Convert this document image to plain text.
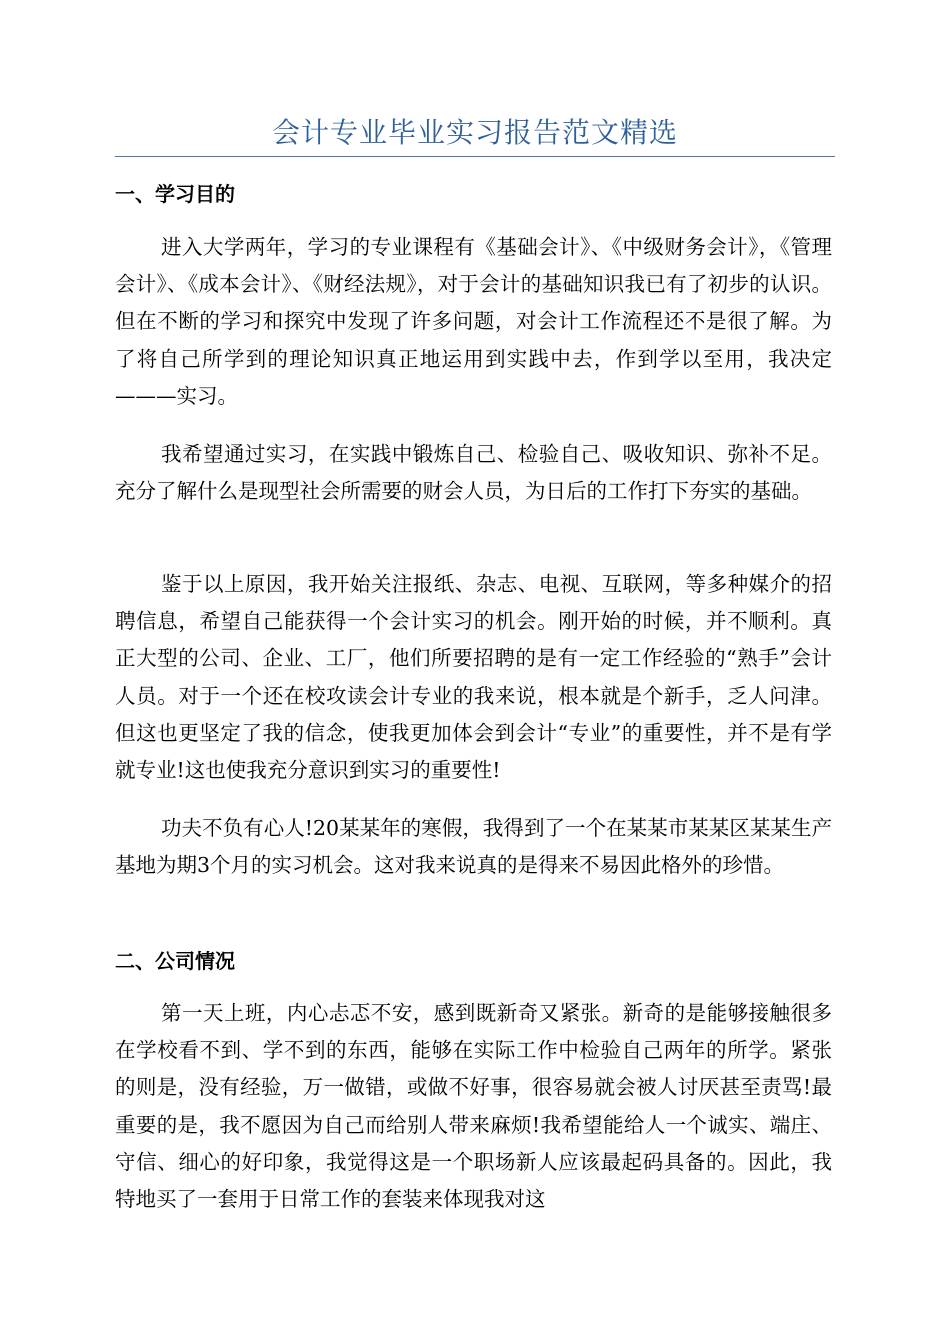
会计专业毕业实习报告范文精选
一、学习目的

进入大学两年，学习的专业课程有《基础会计》、《中级财务会计》，《管理会计》、《成本会计》、《财经法规》，对于会计的基础知识我已有了初步的认识。但在不断的学习和探究中发现了许多问题，对会计工作流程还不是很了解。为了将自己所学到的理论知识真正地运用到实践中去，作到学以至用，我决定———实习。

我希望通过实习，在实践中锻炼自己、检验自己、吸收知识、弥补不足。充分了解什么是现型社会所需要的财会人员，为日后的工作打下夯实的基础。

鉴于以上原因，我开始关注报纸、杂志、电视、互联网，等多种媒介的招聘信息，希望自己能获得一个会计实习的机会。刚开始的时候，并不顺利。真正大型的公司、企业、工厂，他们所要招聘的是有一定工作经验的“熟手”会计人员。对于一个还在校攻读会计专业的我来说，根本就是个新手，乏人问津。但这也更坚定了我的信念，使我更加体会到会计“专业”的重要性，并不是有学就专业!这也使我充分意识到实习的重要性!

功夫不负有心人!20某某年的寒假，我得到了一个在某某市某某区某某生产基地为期3个月的实习机会。这对我来说真的是得来不易因此格外的珍惜。

二、公司情况

第一天上班，内心忐忑不安，感到既新奇又紧张。新奇的是能够接触很多在学校看不到、学不到的东西，能够在实际工作中检验自己两年的所学。紧张的则是，没有经验，万一做错，或做不好事，很容易就会被人讨厌甚至责骂!最重要的是，我不愿因为自己而给别人带来麻烦!我希望能给人一个诚实、端庄、守信、细心的好印象，我觉得这是一个职场新人应该最起码具备的。因此，我特地买了一套用于日常工作的套装来体现我对这
